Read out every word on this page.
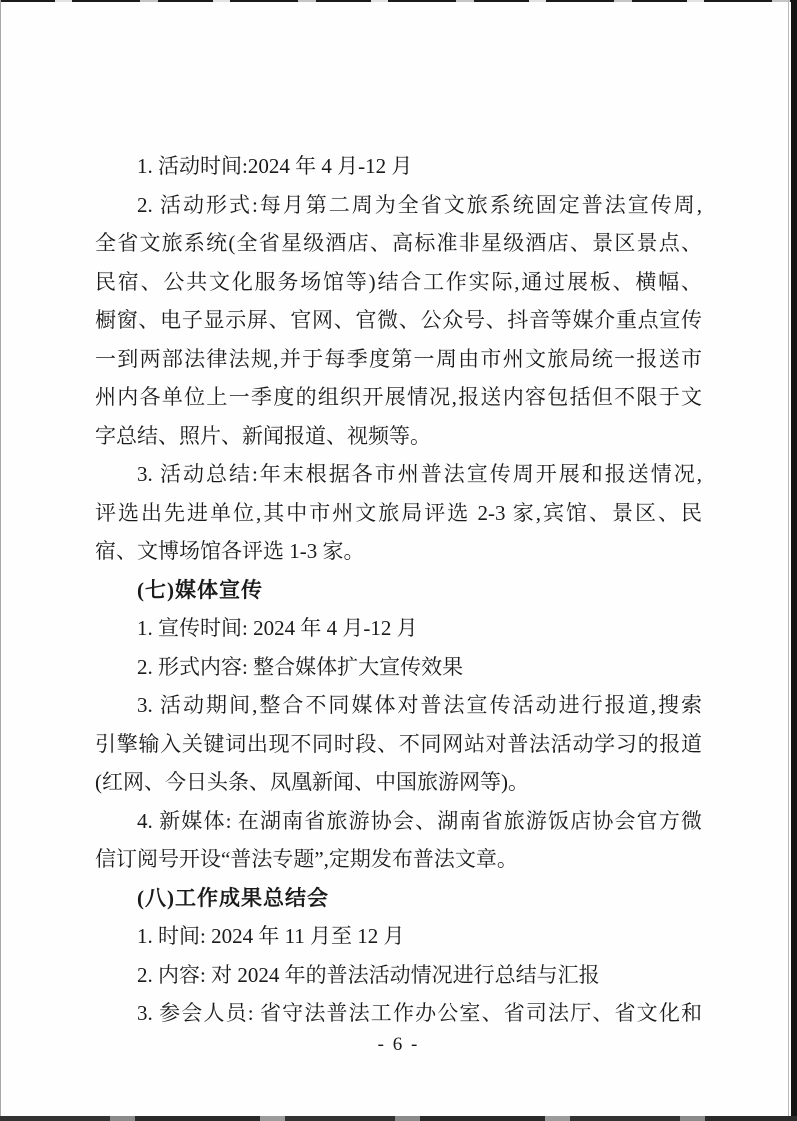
1. 活动时间:2024 年 4 月-12 月
2. 活动形式:每月第二周为全省文旅系统固定普法宣传周,
全省文旅系统(全省星级酒店、高标准非星级酒店、景区景点、
民宿、公共文化服务场馆等)结合工作实际,通过展板、横幅、
橱窗、电子显示屏、官网、官微、公众号、抖音等媒介重点宣传
一到两部法律法规,并于每季度第一周由市州文旅局统一报送市
州内各单位上一季度的组织开展情况,报送内容包括但不限于文
字总结、照片、新闻报道、视频等。
3. 活动总结:年末根据各市州普法宣传周开展和报送情况,
评选出先进单位,其中市州文旅局评选 2-3 家,宾馆、景区、民
宿、文博场馆各评选 1-3 家。
(七)媒体宣传
1. 宣传时间: 2024 年 4 月-12 月
2. 形式内容: 整合媒体扩大宣传效果
3. 活动期间,整合不同媒体对普法宣传活动进行报道,搜索
引擎输入关键词出现不同时段、不同网站对普法活动学习的报道
(红网、今日头条、凤凰新闻、中国旅游网等)。
4. 新媒体: 在湖南省旅游协会、湖南省旅游饭店协会官方微
信订阅号开设“普法专题”,定期发布普法文章。
(八)工作成果总结会
1. 时间: 2024 年 11 月至 12 月
2. 内容: 对 2024 年的普法活动情况进行总结与汇报
3. 参会人员: 省守法普法工作办公室、省司法厅、省文化和
- 6 -
